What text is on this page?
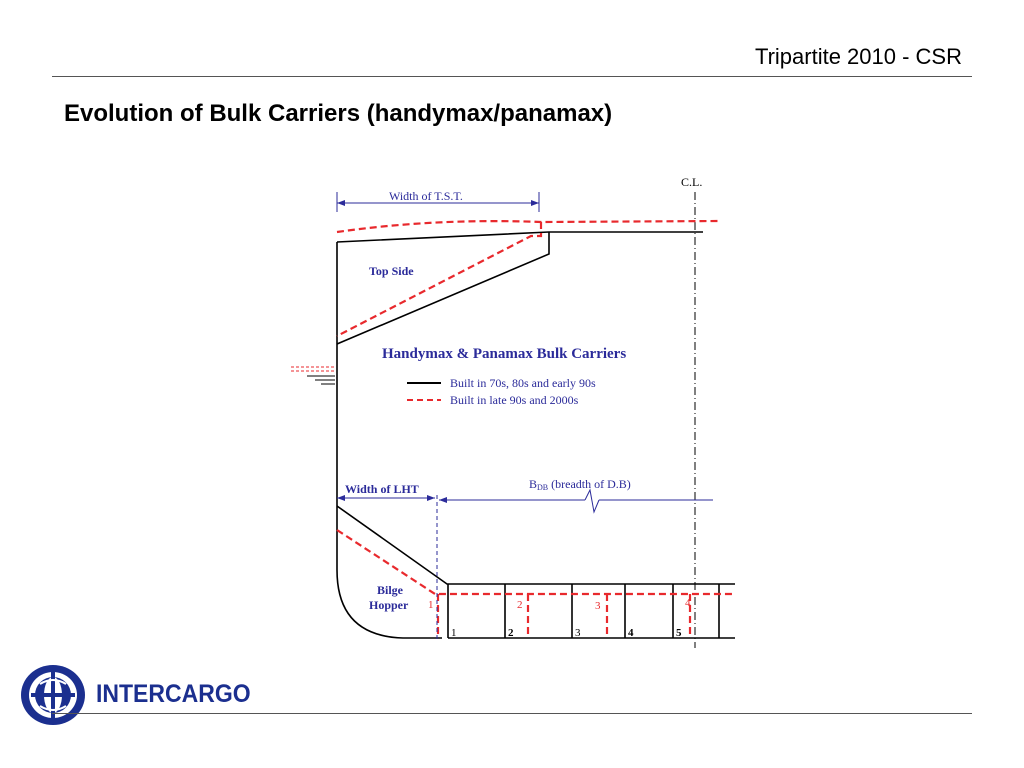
Tripartite 2010 - CSR
Evolution of Bulk Carriers (handymax/panamax)
C.L.
Width of T.S.T.
Top Side
Handymax & Panamax Bulk Carriers
Built in 70s, 80s and early 90s
Built in late 90s and 2000s
Width of LHT	BDB (breadth of D.B)
Bilge Hopper 1	2	3	4
1	2	3	4	5
INTERCARGO
